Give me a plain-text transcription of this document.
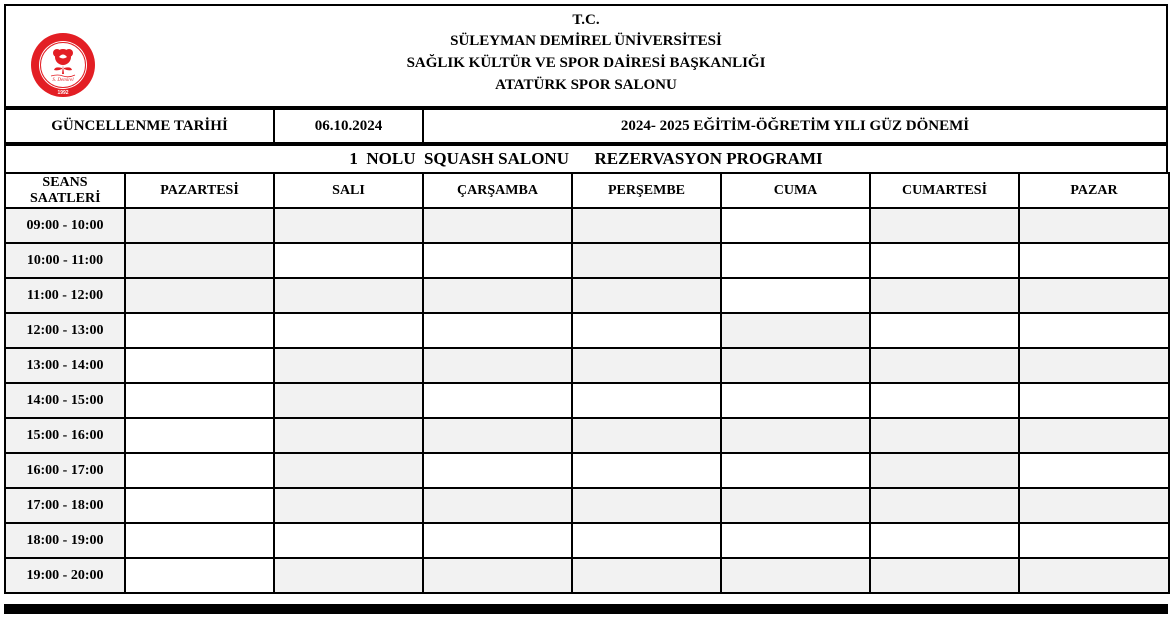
S. Demirel
1992
T.C.
SÜLEYMAN DEMİREL ÜNİVERSİTESİ
SAĞLIK KÜLTÜR VE SPOR DAİRESİ BAŞKANLIĞI
ATATÜRK SPOR SALONU
GÜNCELLENME TARİHİ	06.10.2024	2024- 2025 EĞİTİM-ÖĞRETİM YILI GÜZ DÖNEMİ
1  NOLU  SQUASH SALONU
REZERVASYON PROGRAMI
SEANS SAATLERİ	PAZARTESİ	SALI	ÇARŞAMBA	PERŞEMBE	CUMA	CUMARTESİ	PAZAR
09:00 - 10:00							
10:00 - 11:00							
11:00 - 12:00							
12:00 - 13:00							
13:00 - 14:00							
14:00 - 15:00							
15:00 - 16:00							
16:00 - 17:00							
17:00 - 18:00							
18:00 - 19:00							
19:00 - 20:00							
